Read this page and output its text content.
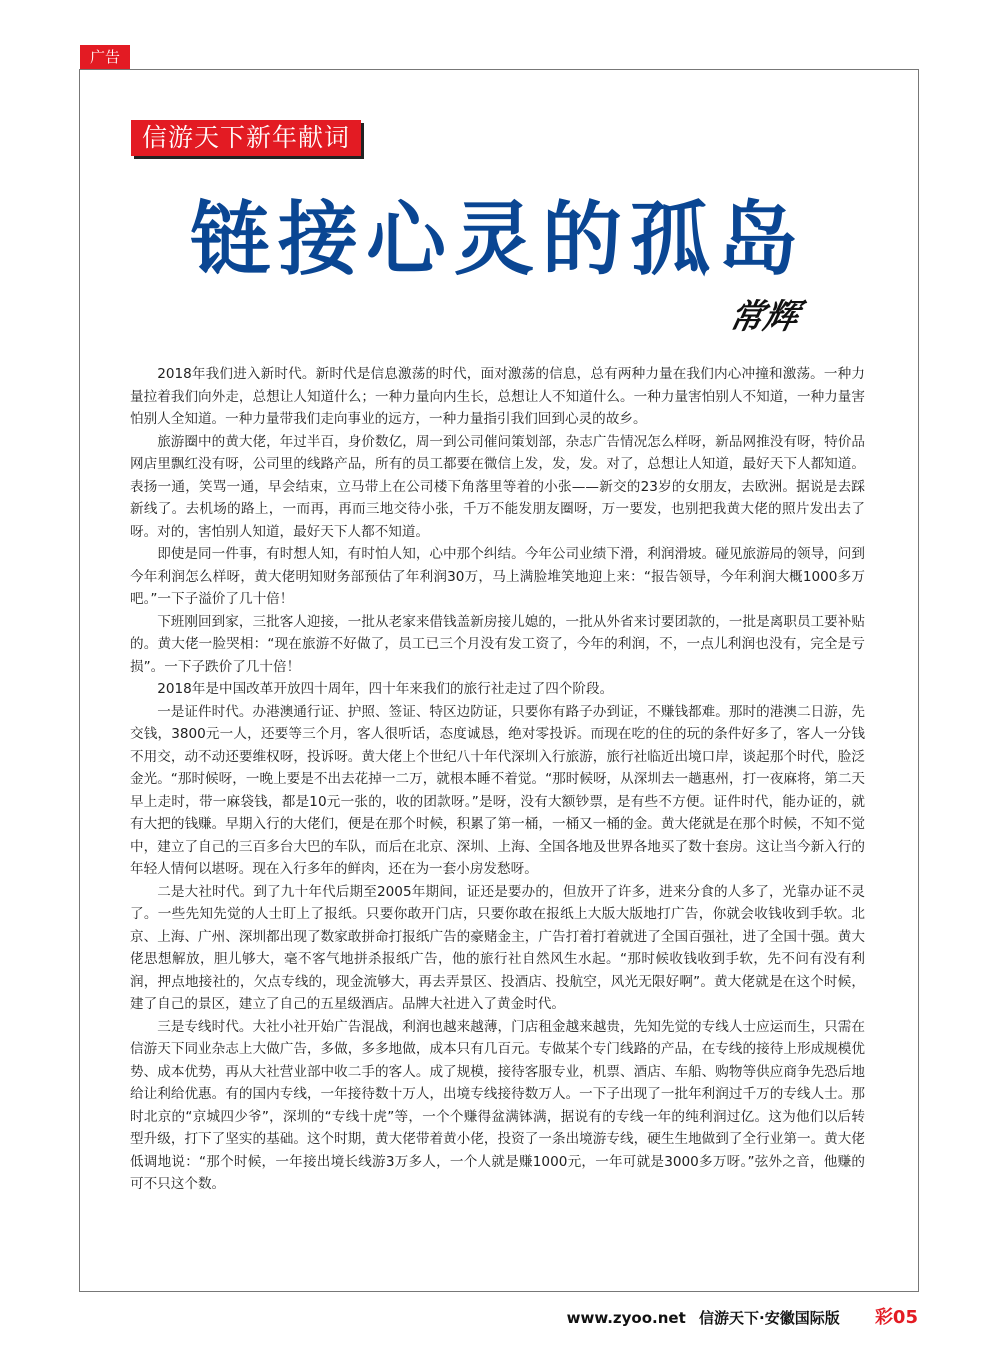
广告
信游天下新年献词
链接心灵的孤岛
常辉

2018年我们进入新时代。新时代是信息激荡的时代，面对激荡的信息，总有两种力量在我们内心冲撞和激荡。一种力量拉着我们向外走，总想让人知道什么；一种力量向内生长，总想让人不知道什么。一种力量害怕别人不知道，一种力量害怕别人全知道。一种力量带我们走向事业的远方，一种力量指引我们回到心灵的故乡。

旅游圈中的黄大佬，年过半百，身价数亿，周一到公司催问策划部，杂志广告情况怎么样呀，新品网推没有呀，特价品网店里飘红没有呀，公司里的线路产品，所有的员工都要在微信上发，发，发。对了，总想让人知道，最好天下人都知道。表扬一通，笑骂一通，早会结束，立马带上在公司楼下角落里等着的小张——新交的23岁的女朋友，去欧洲。据说是去踩新线了。去机场的路上，一而再，再而三地交待小张，千万不能发朋友圈呀，万一要发，也别把我黄大佬的照片发出去了呀。对的，害怕别人知道，最好天下人都不知道。

即使是同一件事，有时想人知，有时怕人知，心中那个纠结。今年公司业绩下滑，利润滑坡。碰见旅游局的领导，问到今年利润怎么样呀，黄大佬明知财务部预估了年利润30万，马上满脸堆笑地迎上来：“报告领导，今年利润大概1000多万吧。”一下子溢价了几十倍！

下班刚回到家，三批客人迎接，一批从老家来借钱盖新房接儿媳的，一批从外省来讨要团款的，一批是离职员工要补贴的。黄大佬一脸哭相：“现在旅游不好做了，员工已三个月没有发工资了，今年的利润，不，一点儿利润也没有，完全是亏损”。一下子跌价了几十倍！

2018年是中国改革开放四十周年，四十年来我们的旅行社走过了四个阶段。

一是证件时代。办港澳通行证、护照、签证、特区边防证，只要你有路子办到证，不赚钱都难。那时的港澳二日游，先交钱，3800元一人，还要等三个月，客人很听话，态度诚恳，绝对零投诉。而现在吃的住的玩的条件好多了，客人一分钱不用交，动不动还要维权呀，投诉呀。黄大佬上个世纪八十年代深圳入行旅游，旅行社临近出境口岸，谈起那个时代，脸泛金光。“那时候呀，一晚上要是不出去花掉一二万，就根本睡不着觉。“那时候呀，从深圳去一趟惠州，打一夜麻将，第二天早上走时，带一麻袋钱，都是10元一张的，收的团款呀。”是呀，没有大额钞票，是有些不方便。证件时代，能办证的，就有大把的钱赚。早期入行的大佬们，便是在那个时候，积累了第一桶，一桶又一桶的金。黄大佬就是在那个时候，不知不觉中，建立了自己的三百多台大巴的车队，而后在北京、深圳、上海、全国各地及世界各地买了数十套房。这让当今新入行的年轻人情何以堪呀。现在入行多年的鲜肉，还在为一套小房发愁呀。

二是大社时代。到了九十年代后期至2005年期间，证还是要办的，但放开了许多，进来分食的人多了，光靠办证不灵了。一些先知先觉的人士盯上了报纸。只要你敢开门店，只要你敢在报纸上大版大版地打广告，你就会收钱收到手软。北京、上海、广州、深圳都出现了数家敢拼命打报纸广告的豪赌金主，广告打着打着就进了全国百强社，进了全国十强。黄大佬思想解放，胆儿够大，毫不客气地拼杀报纸广告，他的旅行社自然风生水起。“那时候收钱收到手软，先不问有没有利润，押点地接社的，欠点专线的，现金流够大，再去弄景区、投酒店、投航空，风光无限好啊”。黄大佬就是在这个时候，建了自己的景区，建立了自己的五星级酒店。品牌大社进入了黄金时代。

三是专线时代。大社小社开始广告混战，利润也越来越薄，门店租金越来越贵，先知先觉的专线人士应运而生，只需在信游天下同业杂志上大做广告，多做，多多地做，成本只有几百元。专做某个专门线路的产品，在专线的接待上形成规模优势、成本优势，再从大社营业部中收二手的客人。成了规模，接待客服专业，机票、酒店、车船、购物等供应商争先恐后地给让利给优惠。有的国内专线，一年接待数十万人，出境专线接待数万人。一下子出现了一批年利润过千万的专线人士。那时北京的“京城四少爷”，深圳的“专线十虎”等，一个个赚得盆满钵满，据说有的专线一年的纯利润过亿。这为他们以后转型升级，打下了坚实的基础。这个时期，黄大佬带着黄小佬，投资了一条出境游专线，硬生生地做到了全行业第一。黄大佬低调地说：“那个时候，一年接出境长线游3万多人，一个人就是赚1000元，一年可就是3000多万呀。”弦外之音，他赚的可不只这个数。

www.zyoo.net 信游天下·安徽国际版 彩05
